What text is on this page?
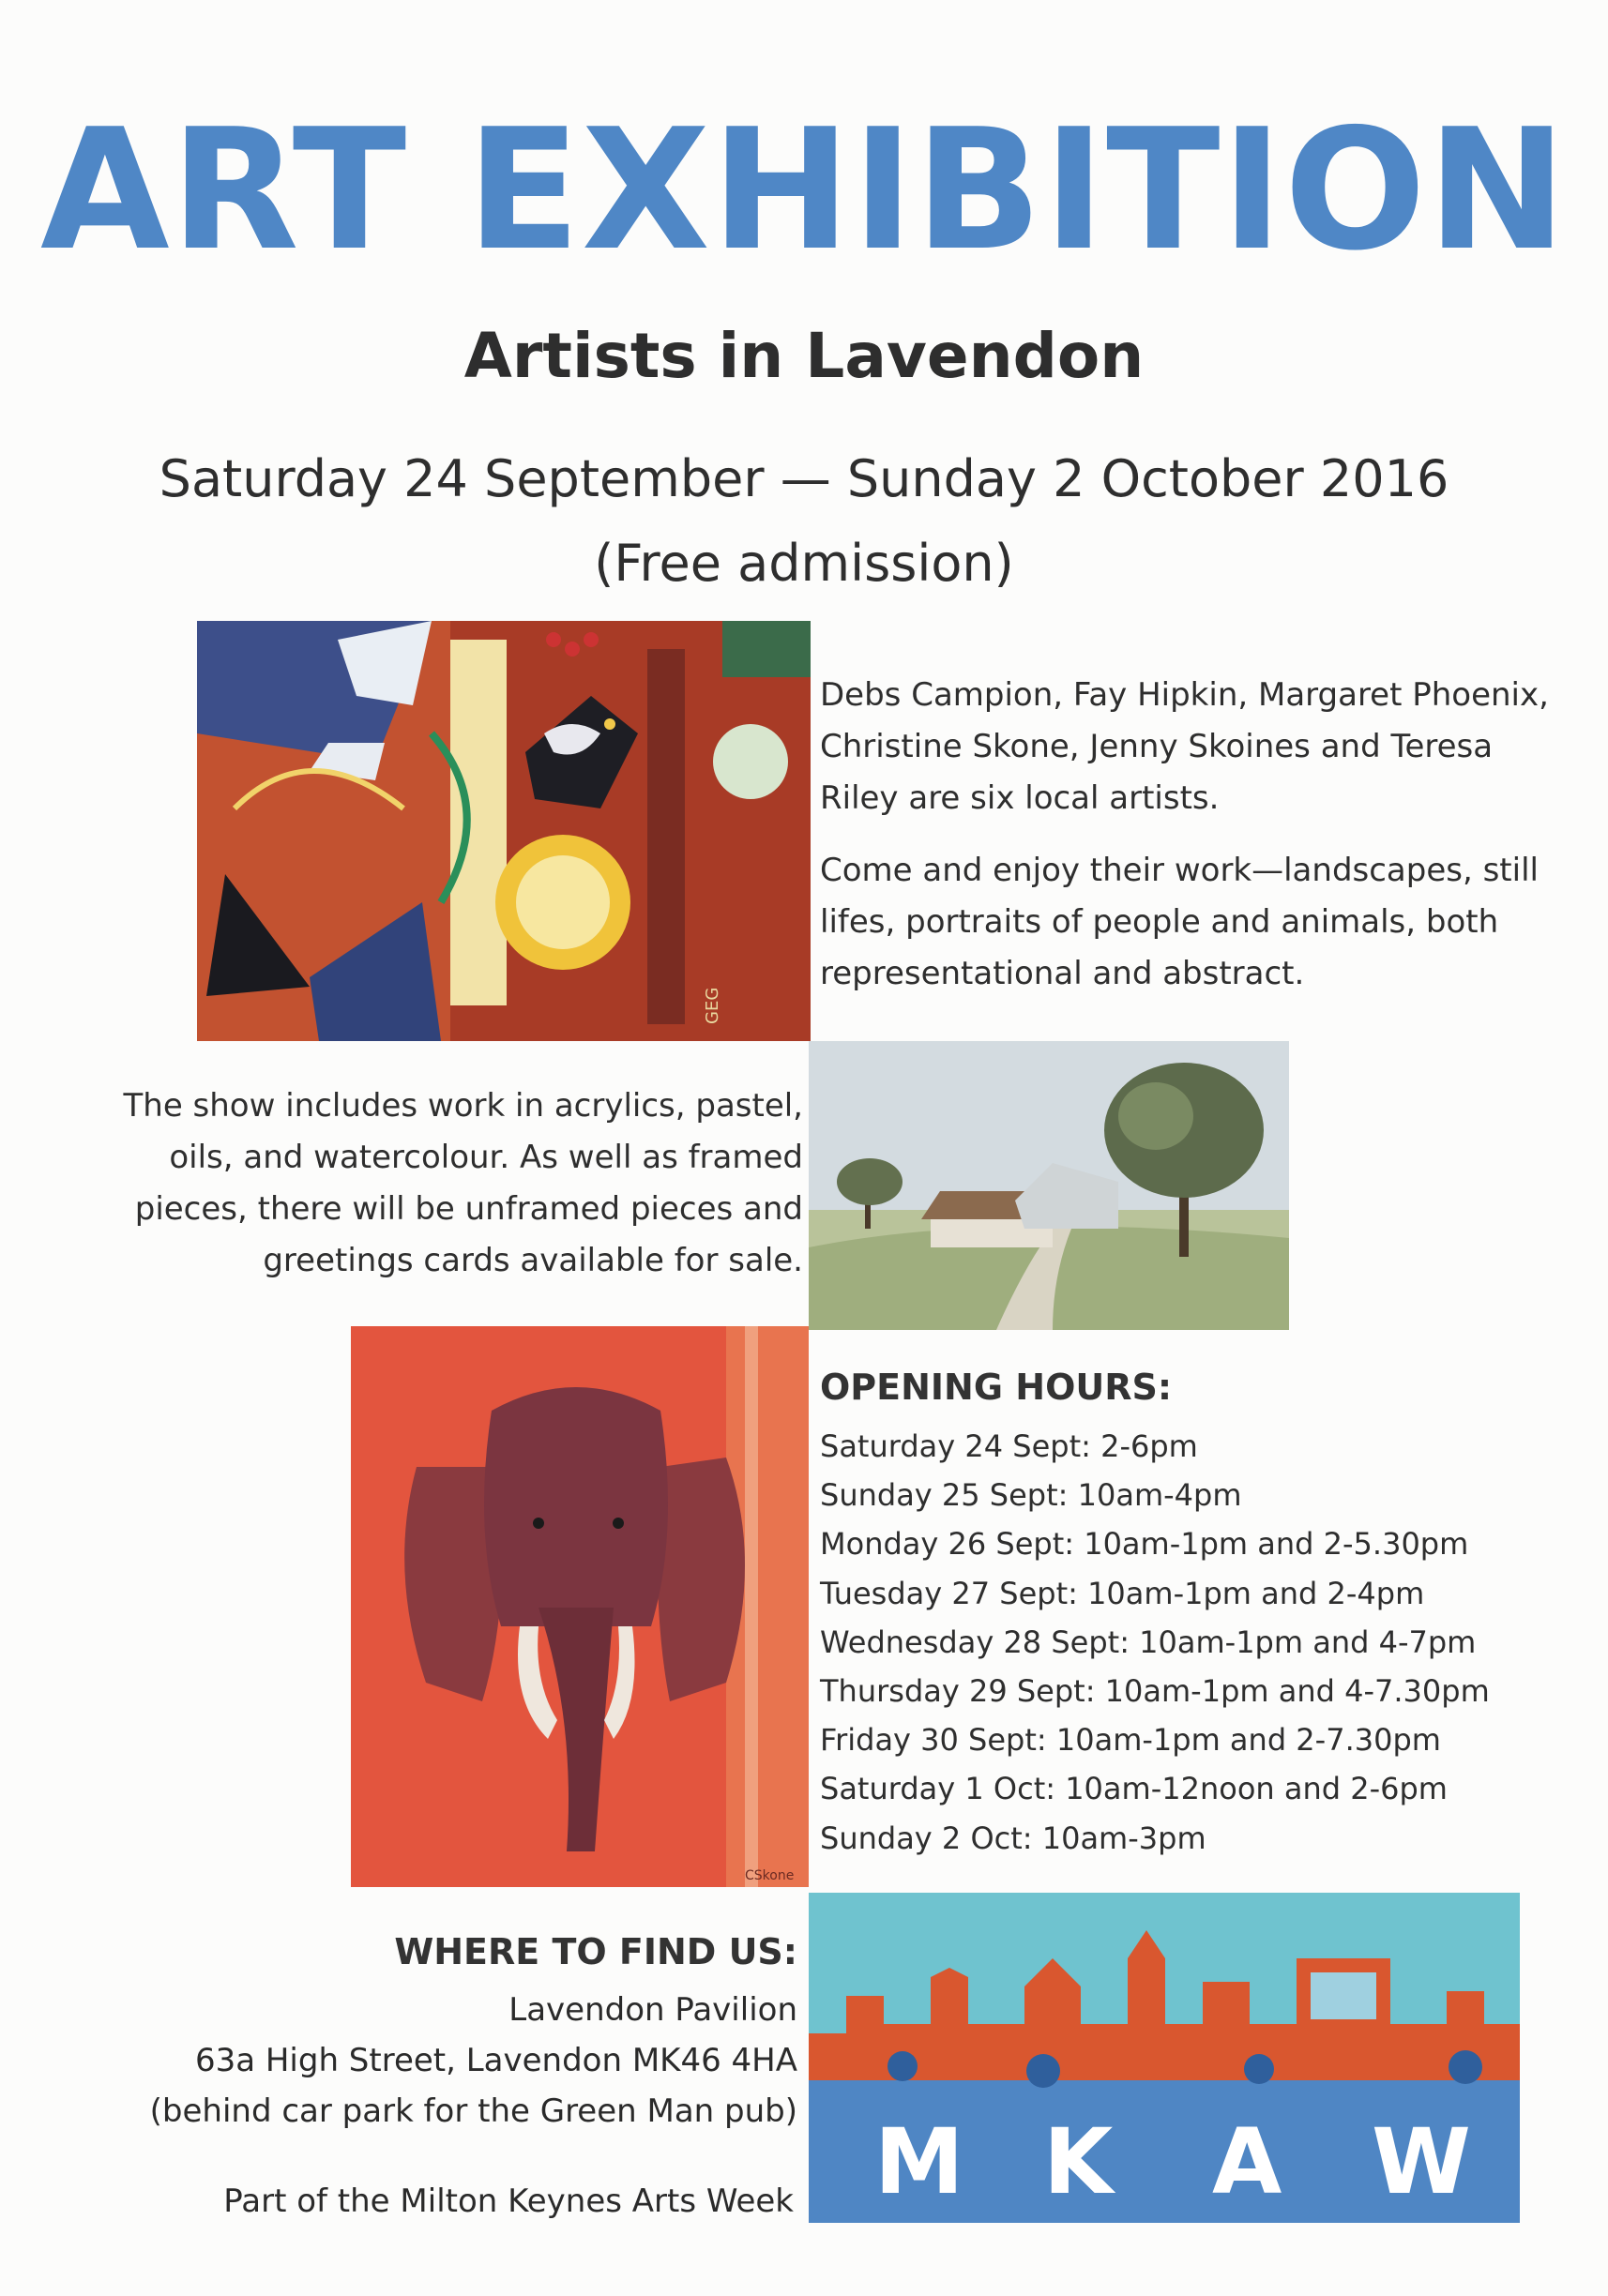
ART EXHIBITION
Artists in Lavendon
Saturday 24 September — Sunday 2 October 2016
(Free admission)
GEG

Debs Campion, Fay Hipkin, Margaret Phoenix, Christine Skone, Jenny Skoines and Teresa Riley are six local artists.

Come and enjoy their work—landscapes, still lifes, portraits of people and animals, both representational and abstract.

The show includes work in acrylics, pastel, oils, and watercolour. As well as framed pieces, there will be unframed pieces and greetings cards available for sale.
CSkone
OPENING HOURS:
Saturday 24 Sept: 2-6pm
Sunday 25 Sept: 10am-4pm
Monday 26 Sept: 10am-1pm and 2-5.30pm
Tuesday 27 Sept: 10am-1pm and 2-4pm
Wednesday 28 Sept: 10am-1pm and 4-7pm
Thursday 29 Sept: 10am-1pm and 4-7.30pm
Friday 30 Sept: 10am-1pm and 2-7.30pm
Saturday 1 Oct: 10am-12noon and 2-6pm
Sunday 2 Oct: 10am-3pm
WHERE TO FIND US:
Lavendon Pavilion
63a High Street, Lavendon MK46 4HA
(behind car park for the Green Man pub)
Part of the Milton Keynes Arts Week M K A W
